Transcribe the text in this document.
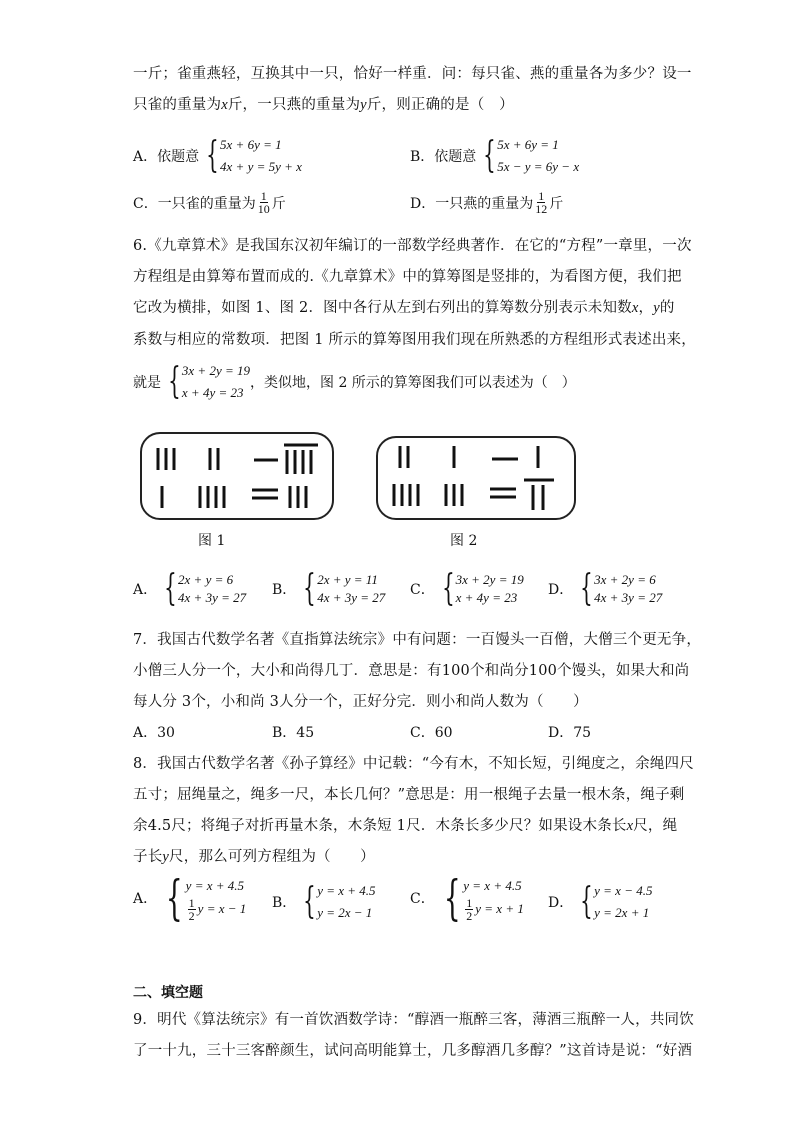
一斤；雀重燕轻，互换其中一只，恰好一样重．问：每只雀、燕的重量各为多少？设一
只雀的重量为x斤，一只燕的重量为y斤，则正确的是（　）
A．依题意 { 5x + 6y = 1
4x + y = 5y + x
B．依题意 { 5x + 6y = 1
5x − y = 6y − x
C．一只雀的重量为 $\frac{1}{10}$ 斤	D．一只燕的重量为 $\frac{1}{12}$ 斤
6.《九章算术》是我国东汉初年编订的一部数学经典著作．在它的“方程”一章里，一次
方程组是由算筹布置而成的.《九章算术》中的算筹图是竖排的，为看图方便，我们把
它改为横排，如图 1、图 2．图中各行从左到右列出的算筹数分别表示未知数x，y的
系数与相应的常数项．把图 1 所示的算筹图用我们现在所熟悉的方程组形式表述出来，
就是 { 3x + 2y = 19
x + 4y = 23
，类似地，图 2 所示的算筹图我们可以表述为（　）
图 1	图 2
A． { 2x + y = 6
4x + 3y = 27 B． { 2x + y = 11
4x + 3y = 27 C． { 3x + 2y = 19
x + 4y = 23	D． { 3x + 2y = 6
4x + 3y = 27
7．我国古代数学名著《直指算法统宗》中有问题：一百馒头一百僧，大僧三个更无争，
小僧三人分一个，大小和尚得几丁．意思是：有100个和尚分100个馒头，如果大和尚
每人分 3个，小和尚 3人分一个，正好分完．则小和尚人数为（　　）
A．30	B．45	C．60	D．75
8．我国古代数学名著《孙子算经》中记载：“今有木，不知长短，引绳度之，余绳四尺
五寸；屈绳量之，绳多一尺，本长几何？”意思是：用一根绳子去量一根木条，绳子剩
余4.5尺；将绳子对折再量木条，木条短 1尺．木条长多少尺？如果设木条长x尺，绳
子长y尺，那么可列方程组为（　　）
A． { y = x + 4.5
$\frac{1}{2}$ y = x − 1 B． { y = x + 4.5
y = 2x − 1
C． { y = x + 4.5
$\frac{1}{2}$ y = x + 1 D． { y = x − 4.5
y = 2x + 1
二、填空题
9．明代《算法统宗》有一首饮酒数学诗：“醇酒一瓶醉三客，薄酒三瓶醉一人，共同饮
了一十九，三十三客醉颜生，试问高明能算士，几多醇酒几多醇？”这首诗是说：“好酒
